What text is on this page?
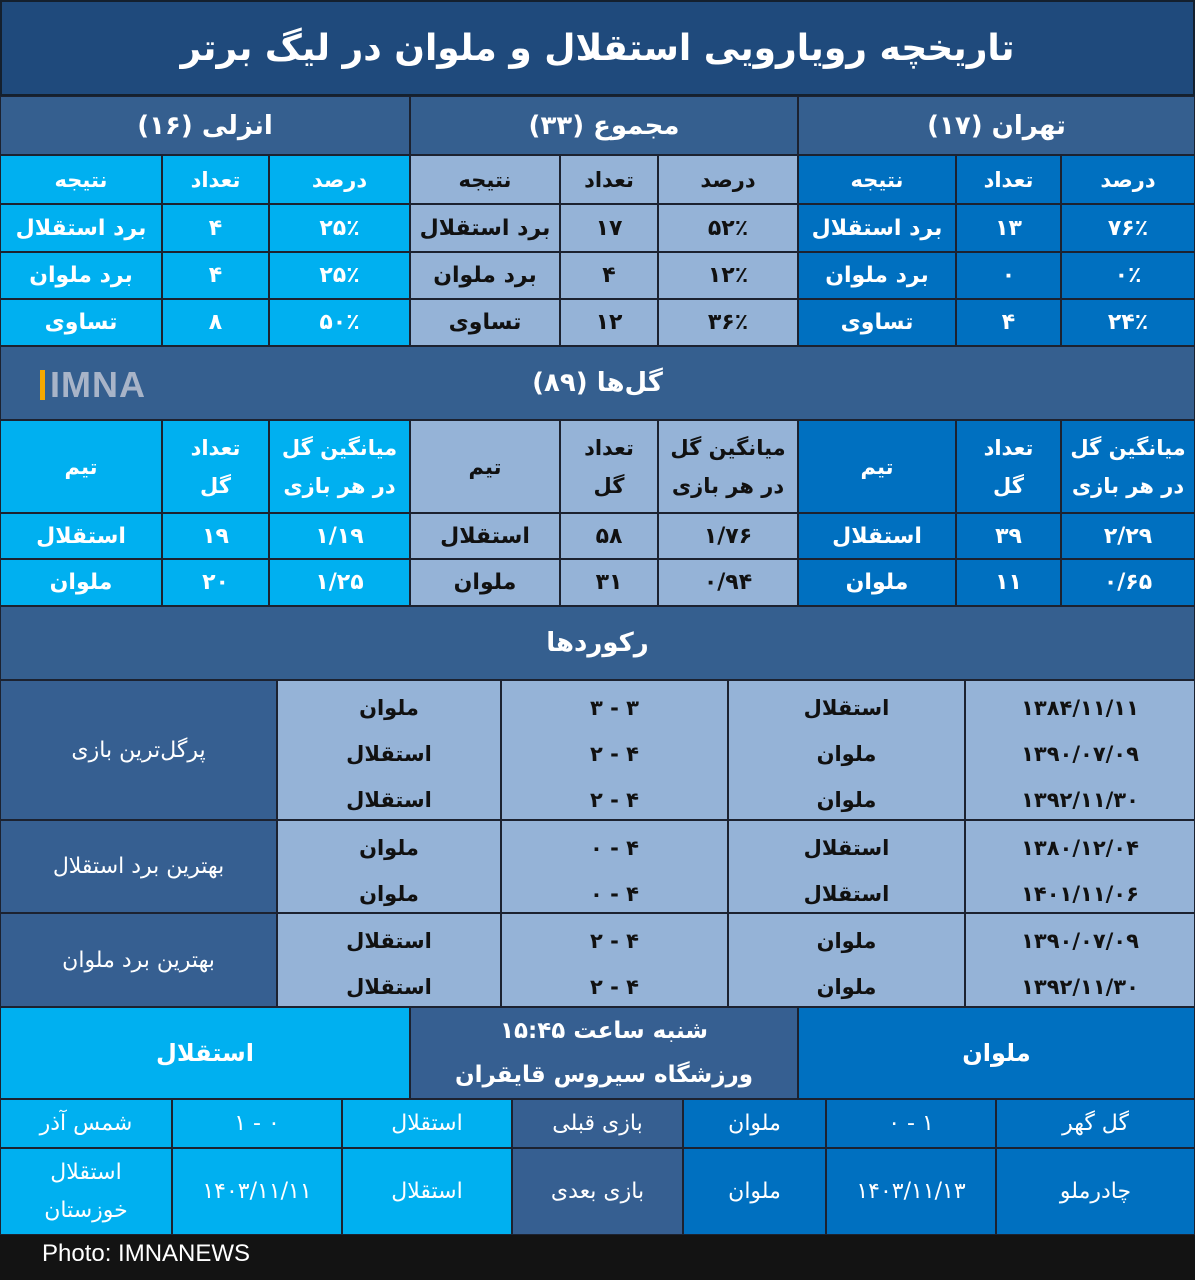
تاریخچه رویارویی استقلال و ملوان در لیگ برتر
تهران (۱۷)
مجموع (۳۳)
انزلی (۱۶)
درصد
تعداد
نتیجه
۷۶٪
۱۳
برد استقلال
۰٪
۰
برد ملوان
۲۴٪
۴
تساوی
درصد
تعداد
نتیجه
۵۲٪
۱۷
برد استقلال
۱۲٪
۴
برد ملوان
۳۶٪
۱۲
تساوی
درصد
تعداد
نتیجه
۲۵٪
۴
برد استقلال
۲۵٪
۴
برد ملوان
۵۰٪
۸
تساوی
گل‌ها (۸۹)
IMNA
میانگین گل
در هر بازی
تعداد
گل
تیم
میانگین گل
در هر بازی
تعداد
گل
تیم
میانگین گل
در هر بازی
تعداد
گل
تیم
۲/۲۹
۳۹
استقلال
۰/۶۵
۱۱
ملوان
۱/۷۶
۵۸
استقلال
۰/۹۴
۳۱
ملوان
۱/۱۹
۱۹
استقلال
۱/۲۵
۲۰
ملوان
رکوردها
۱۳۸۴/۱۱/۱۱
۱۳۹۰/۰۷/۰۹
۱۳۹۲/۱۱/۳۰
استقلال
ملوان
ملوان
۳ - ۳
۴ - ۲
۴ - ۲
ملوان
استقلال
استقلال
پرگل‌ترین بازی
۱۳۸۰/۱۲/۰۴
۱۴۰۱/۱۱/۰۶
استقلال
استقلال
۴ - ۰
۴ - ۰
ملوان
ملوان
بهترین برد استقلال
۱۳۹۰/۰۷/۰۹
۱۳۹۲/۱۱/۳۰
ملوان
ملوان
۴ - ۲
۴ - ۲
استقلال
استقلال
بهترین برد ملوان
ملوان
شنبه ساعت ۱۵:۴۵
ورزشگاه سیروس قایقران
استقلال
گل گهر
۱ - ۰
ملوان
بازی قبلی
استقلال
۰ - ۱
شمس آذر
چادرملو
۱۴۰۳/۱۱/۱۳
ملوان
بازی بعدی
استقلال
۱۴۰۳/۱۱/۱۱
استقلال
خوزستان
Photo: IMNANEWS
